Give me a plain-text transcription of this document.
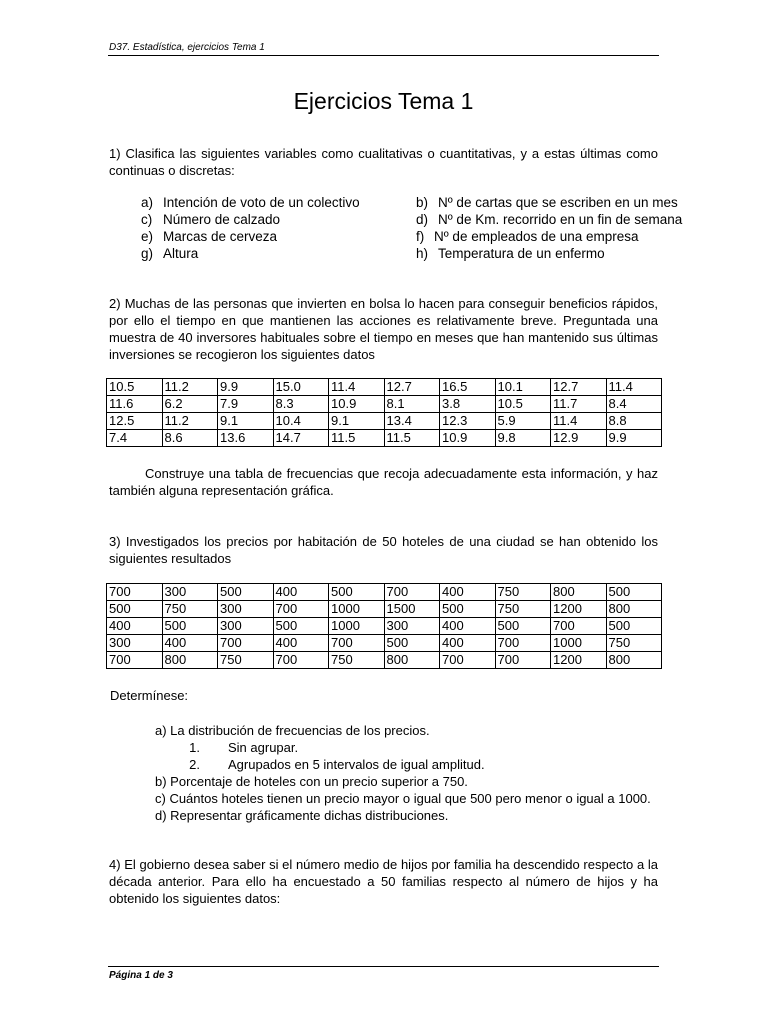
D37. Estadística, ejercicios Tema 1
Ejercicios Tema 1
1) Clasifica las siguientes variables como cualitativas o cuantitativas, y a estas últimas como continuas o discretas:
a) Intención de voto de un colectivo	b) Nº de cartas que se escriben en un mes
c) Número de calzado	d) Nº de Km. recorrido en un fin de semana
e) Marcas de cerveza	f) Nº de empleados de una empresa
g) Altura	h) Temperatura de un enfermo
2) Muchas de las personas que invierten en bolsa lo hacen para conseguir beneficios rápidos, por ello el tiempo en que mantienen las acciones es relativamente breve. Preguntada una muestra de 40 inversores habituales sobre el tiempo en meses que han mantenido sus últimas inversiones se recogieron los siguientes datos
10.5	11.2	9.9	15.0	11.4	12.7	16.5	10.1	12.7	11.4
11.6	6.2	7.9	8.3	10.9	8.1	3.8	10.5	11.7	8.4
12.5	11.2	9.1	10.4	9.1	13.4	12.3	5.9	11.4	8.8
7.4	8.6	13.6	14.7	11.5	11.5	10.9	9.8	12.9	9.9
Construye una tabla de frecuencias que recoja adecuadamente esta información, y haz también alguna representación gráfica.
3) Investigados los precios por habitación de 50 hoteles de una ciudad se han obtenido los siguientes resultados
700	300	500	400	500	700	400	750	800	500
500	750	300	700	1000	1500	500	750	1200	800
400	500	300	500	1000	300	400	500	700	500
300	400	700	400	700	500	400	700	1000	750
700	800	750	700	750	800	700	700	1200	800
Determínese:
a) La distribución de frecuencias de los precios.
1. Sin agrupar.
2. Agrupados en 5 intervalos de igual amplitud.
b) Porcentaje de hoteles con un precio superior a 750.
c) Cuántos hoteles tienen un precio mayor o igual que 500 pero menor o igual a 1000.
d) Representar gráficamente dichas distribuciones.
4) El gobierno desea saber si el número medio de hijos por familia ha descendido respecto a la década anterior. Para ello ha encuestado a 50 familias respecto al número de hijos y ha obtenido los siguientes datos:
Página 1 de 3
